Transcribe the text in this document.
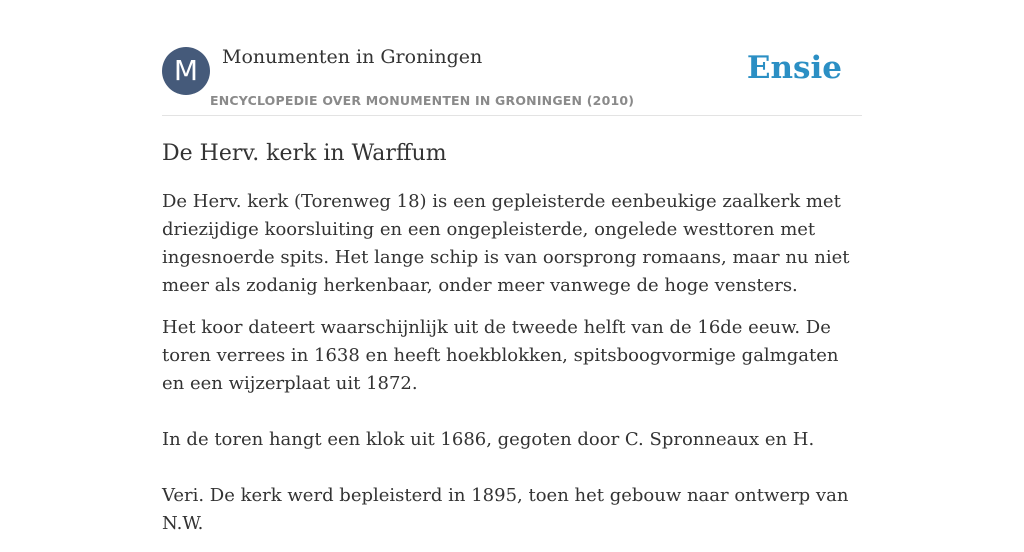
M	Monumenten in Groningen
ENCYCLOPEDIE OVER MONUMENTEN IN GRONINGEN (2010)
Ensie
De Herv. kerk in Warffum

De Herv. kerk (Torenweg 18) is een gepleisterde eenbeukige zaalkerk met driezijdige koorsluiting en een ongepleisterde, ongelede westtoren met ingesnoerde spits. Het lange schip is van oorsprong romaans, maar nu niet meer als zodanig herkenbaar, onder meer vanwege de hoge vensters.

Het koor dateert waarschijnlijk uit de tweede helft van de 16de eeuw. De toren verrees in 1638 en heeft hoekblokken, spitsboogvormige galmgaten en een wijzerplaat uit 1872.

In de toren hangt een klok uit 1686, gegoten door C. Spronneaux en H.

Veri. De kerk werd bepleisterd in 1895, toen het gebouw naar ontwerp van N.W.
